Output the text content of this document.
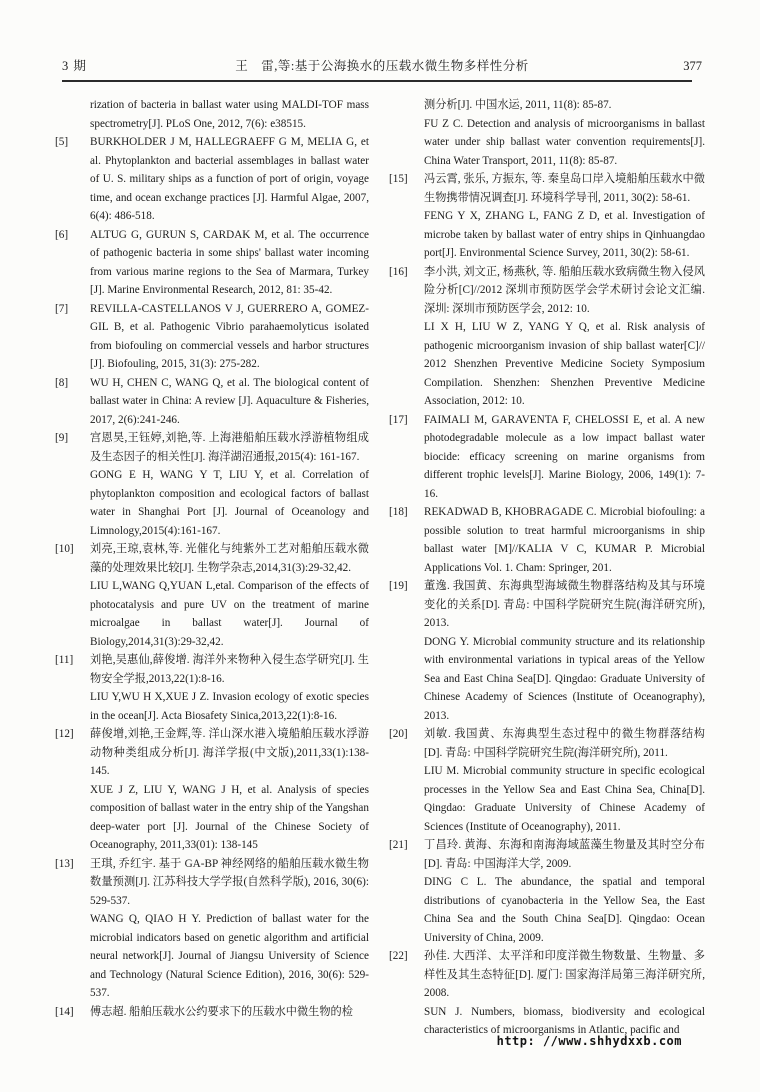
3 期	王　雷,等:基于公海换水的压载水微生物多样性分析	377

rization of bacteria in ballast water using MALDI-TOF mass spectrometry[J]. PLoS One, 2012, 7(6): e38515.

[5] BURKHOLDER J M, HALLEGRAEFF G M, MELIA G, et al. Phytoplankton and bacterial assemblages in ballast water of U. S. military ships as a function of port of origin, voyage time, and ocean exchange practices [J]. Harmful Algae, 2007, 6(4): 486-518.

[6] ALTUG G, GURUN S, CARDAK M, et al. The occurrence of pathogenic bacteria in some ships' ballast water incoming from various marine regions to the Sea of Marmara, Turkey [J]. Marine Environmental Research, 2012, 81: 35-42.

[7] REVILLA-CASTELLANOS V J, GUERRERO A, GOMEZ-GIL B, et al. Pathogenic Vibrio parahaemolyticus isolated from biofouling on commercial vessels and harbor structures [J]. Biofouling, 2015, 31(3): 275-282.

[8] WU H, CHEN C, WANG Q, et al. The biological content of ballast water in China: A review [J]. Aquaculture & Fisheries, 2017, 2(6):241-246.

[9] 宫恩昊,王钰婷,刘艳,等. 上海港船舶压载水浮游植物组成及生态因子的相关性[J]. 海洋湖沼通报,2015(4): 161-167.

GONG E H, WANG Y T, LIU Y, et al. Correlation of phytoplankton composition and ecological factors of ballast water in Shanghai Port [J]. Journal of Oceanology and Limnology,2015(4):161-167.

[10] 刘亮,王琼,袁林,等. 光催化与纯紫外工艺对船舶压载水微藻的处理效果比较[J]. 生物学杂志,2014,31(3):29-32,42.

LIU L,WANG Q,YUAN L,etal. Comparison of the effects of photocatalysis and pure UV on the treatment of marine microalgae in ballast water[J]. Journal of Biology,2014,31(3):29-32,42.

[11] 刘艳,吴惠仙,薛俊增. 海洋外来物种入侵生态学研究[J]. 生物安全学报,2013,22(1):8-16.

LIU Y,WU H X,XUE J Z. Invasion ecology of exotic species in the ocean[J]. Acta Biosafety Sinica,2013,22(1):8-16.

[12] 薛俊增,刘艳,王金辉,等. 洋山深水港入境船舶压载水浮游动物种类组成分析[J]. 海洋学报(中文版),2011,33(1):138-145.

XUE J Z, LIU Y, WANG J H, et al. Analysis of species composition of ballast water in the entry ship of the Yangshan deep-water port [J]. Journal of the Chinese Society of Oceanography, 2011,33(01): 138-145

[13] 王琪, 乔红宇. 基于 GA-BP 神经网络的船舶压载水微生物数量预测[J]. 江苏科技大学学报(自然科学版), 2016, 30(6): 529-537.

WANG Q, QIAO H Y. Prediction of ballast water for the microbial indicators based on genetic algorithm and artificial neural network[J]. Journal of Jiangsu University of Science and Technology (Natural Science Edition), 2016, 30(6): 529-537.

[14] 傅志超. 船舶压载水公约要求下的压载水中微生物的检

测分析[J]. 中国水运, 2011, 11(8): 85-87.

FU Z C. Detection and analysis of microorganisms in ballast water under ship ballast water convention requirements[J]. China Water Transport, 2011, 11(8): 85-87.

[15] 冯云霄, 张乐, 方振东, 等. 秦皇岛口岸入境船舶压载水中微生物携带情况调查[J]. 环境科学导刊, 2011, 30(2): 58-61.

FENG Y X, ZHANG L, FANG Z D, et al. Investigation of microbe taken by ballast water of entry ships in Qinhuangdao port[J]. Environmental Science Survey, 2011, 30(2): 58-61.

[16] 李小洪, 刘文正, 杨燕秋, 等. 船舶压载水致病微生物入侵风险分析[C]//2012 深圳市预防医学会学术研讨会论文汇编. 深圳: 深圳市预防医学会, 2012: 10.

LI X H, LIU W Z, YANG Y Q, et al. Risk analysis of pathogenic microorganism invasion of ship ballast water[C]// 2012 Shenzhen Preventive Medicine Society Symposium Compilation. Shenzhen: Shenzhen Preventive Medicine Association, 2012: 10.

[17] FAIMALI M, GARAVENTA F, CHELOSSI E, et al. A new photodegradable molecule as a low impact ballast water biocide: efficacy screening on marine organisms from different trophic levels[J]. Marine Biology, 2006, 149(1): 7-16.

[18] REKADWAD B, KHOBRAGADE C. Microbial biofouling: a possible solution to treat harmful microorganisms in ship ballast water [M]//KALIA V C, KUMAR P. Microbial Applications Vol. 1. Cham: Springer, 201.

[19] 董逸. 我国黄、东海典型海域微生物群落结构及其与环境变化的关系[D]. 青岛: 中国科学院研究生院(海洋研究所), 2013.

DONG Y. Microbial community structure and its relationship with environmental variations in typical areas of the Yellow Sea and East China Sea[D]. Qingdao: Graduate University of Chinese Academy of Sciences (Institute of Oceanography), 2013.

[20] 刘敏. 我国黄、东海典型生态过程中的微生物群落结构[D]. 青岛: 中国科学院研究生院(海洋研究所), 2011.

LIU M. Microbial community structure in specific ecological processes in the Yellow Sea and East China Sea, China[D]. Qingdao: Graduate University of Chinese Academy of Sciences (Institute of Oceanography), 2011.

[21] 丁昌玲. 黄海、东海和南海海域蓝藻生物量及其时空分布[D]. 青岛: 中国海洋大学, 2009.

DING C L. The abundance, the spatial and temporal distributions of cyanobacteria in the Yellow Sea, the East China Sea and the South China Sea[D]. Qingdao: Ocean University of China, 2009.

[22] 孙佳. 大西洋、太平洋和印度洋微生物数量、生物量、多样性及其生态特征[D]. 厦门: 国家海洋局第三海洋研究所, 2008.

SUN J. Numbers, biomass, biodiversity and ecological characteristics of microorganisms in Atlantic, pacific and

http: //www.shhydxxb.com
